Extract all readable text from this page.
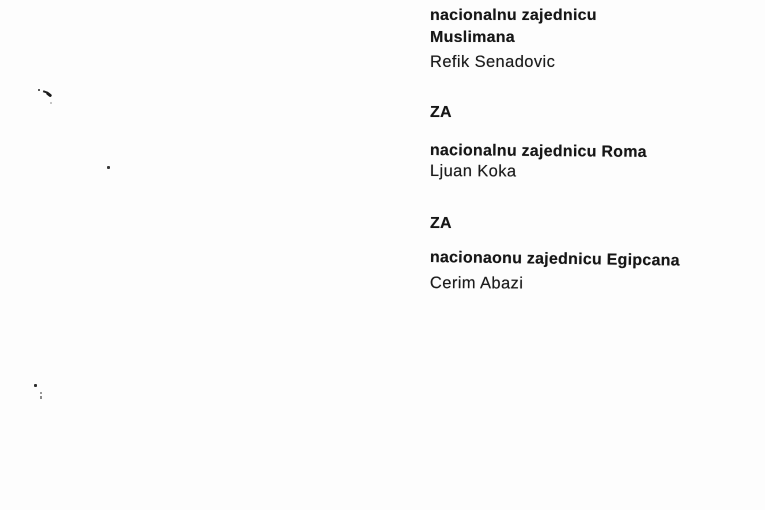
nacionalnu zajednicu
Muslimana
Refik Senadovic
ZA
nacionalnu zajednicu Roma
Ljuan Koka
ZA
nacionaonu zajednicu Egipcana
Cerim Abazi
